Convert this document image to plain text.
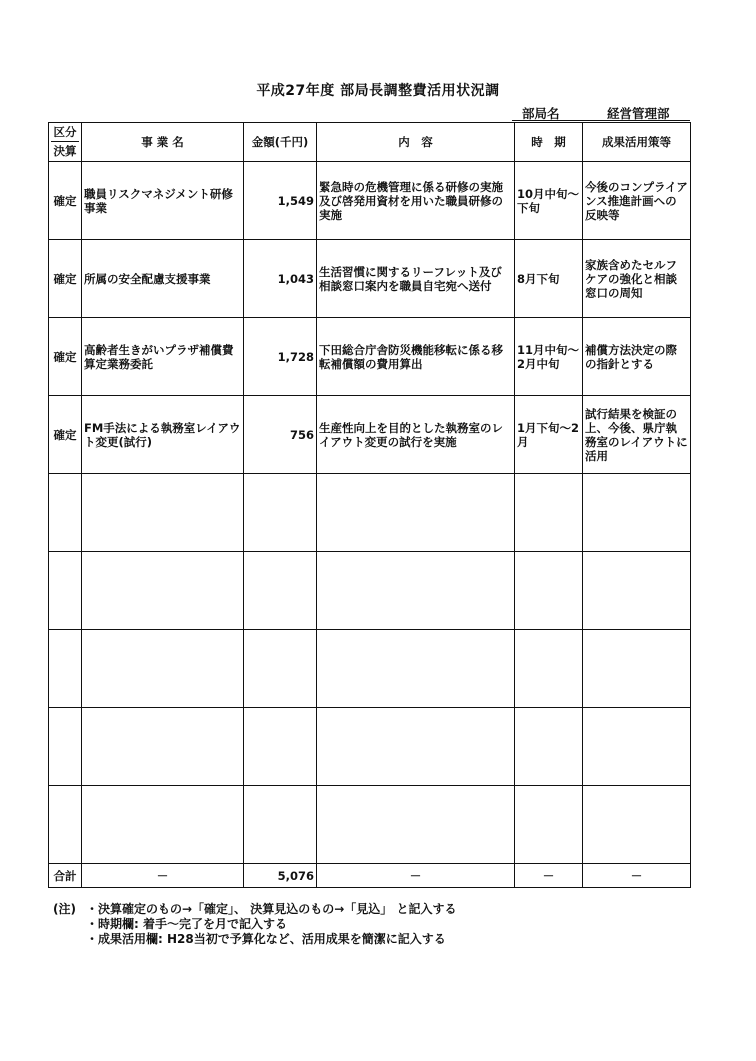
平成27年度 部局長調整費活用状況調
部局名	経営管理部
区分
決算	事 業 名	金額(千円)	内　容	時　期	成果活用策等
確定	職員リスクマネジメント研修事業	1,549	緊急時の危機管理に係る研修の実施及び啓発用資材を用いた職員研修の実施	10月中旬～下旬	今後のコンプライアンス推進計画への反映等
確定	所属の安全配慮支援事業	1,043	生活習慣に関するリーフレット及び相談窓口案内を職員自宅宛へ送付	8月下旬	家族含めたセルフケアの強化と相談窓口の周知
確定	高齢者生きがいプラザ補償費算定業務委託	1,728	下田総合庁舎防災機能移転に係る移転補償額の費用算出	11月中旬～2月中旬	補償方法決定の際の指針とする
確定	FM手法による執務室レイアウト変更(試行)	756	生産性向上を目的とした執務室のレイアウト変更の試行を実施	1月下旬～2月	試行結果を検証の上、今後、県庁執務室のレイアウトに活用

合計	－	5,076	－	－	－
(注) ・決算確定のもの→「確定」、 決算見込のもの→「見込」 と記入する
・時期欄: 着手～完了を月で記入する
・成果活用欄: H28当初で予算化など、活用成果を簡潔に記入する
